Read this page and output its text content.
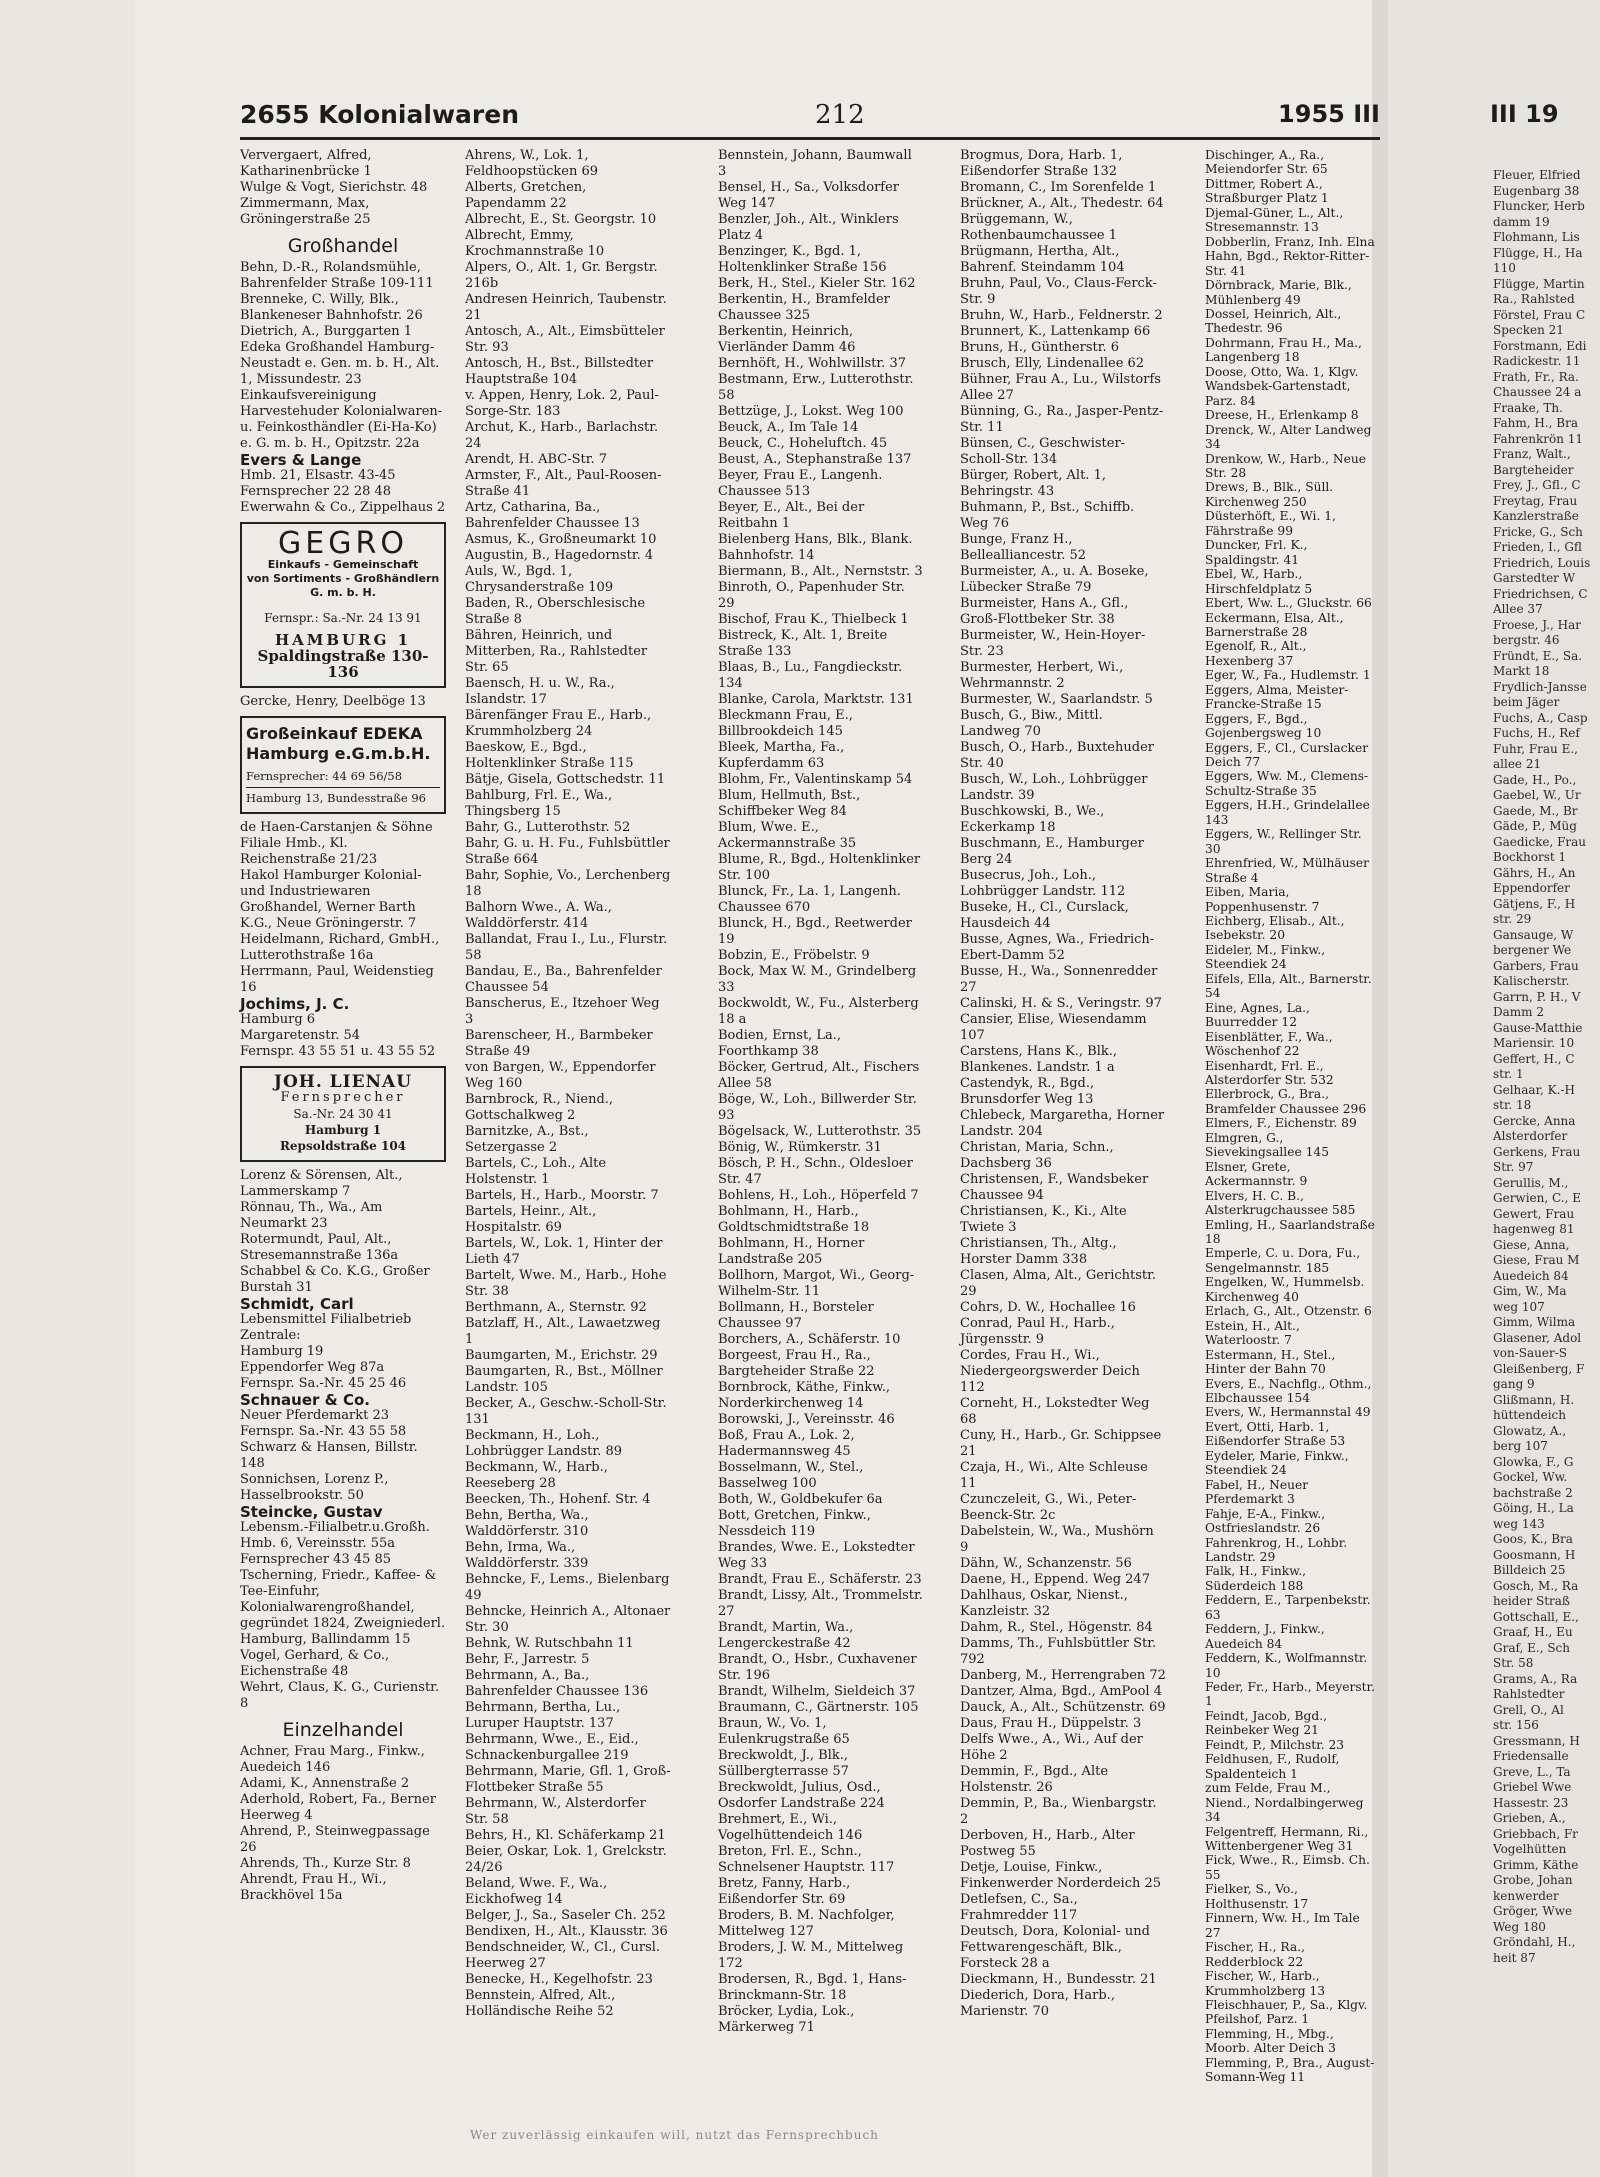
2655 Kolonialwaren	212	1955 III	III 19

Ververgaert, Alfred, Katharinenbrücke 1

Wulge & Vogt, Sierichstr. 48

Zimmermann, Max, Gröningerstraße 25

Großhandel

Behn, D.-R., Rolandsmühle, Bahrenfelder Straße 109-111

Brenneke, C. Willy, Blk., Blankeneser Bahnhofstr. 26

Dietrich, A., Burggarten 1

Edeka Großhandel Hamburg-Neustadt e. Gen. m. b. H., Alt. 1, Missundestr. 23

Einkaufsvereinigung Harvestehuder Kolonialwaren- u. Feinkosthändler (Ei-Ha-Ko) e. G. m. b. H., Opitzstr. 22a

Evers & Lange

Hmb. 21, Elsastr. 43-45

Fernsprecher 22 28 48

Ewerwahn & Co., Zippelhaus 2

GEGRO
Einkaufs - Gemeinschaft
von Sortiments - Großhändlern
G. m. b. H.
Fernspr.: Sa.-Nr. 24 13 91
HAMBURG 1
Spaldingstraße 130-136
Gercke, Henry, Deelböge 13
Großeinkauf EDEKA
Hamburg e.G.m.b.H.
Fernsprecher: 44 69 56/58
Hamburg 13, Bundesstraße 96

de Haen-Carstanjen & Söhne Filiale Hmb., Kl. Reichenstraße 21/23

Hakol Hamburger Kolonial- und Industriewaren Großhandel, Werner Barth K.G., Neue Gröningerstr. 7

Heidelmann, Richard, GmbH., Lutterothstraße 16a

Herrmann, Paul, Weidenstieg 16

Jochims, J. C.

Hamburg 6

Margaretenstr. 54

Fernspr. 43 55 51 u. 43 55 52

JOH. LIENAU
Fernsprecher
Sa.-Nr. 24 30 41
Hamburg 1
Repsoldstraße 104

Lorenz & Sörensen, Alt., Lammerskamp 7

Rönnau, Th., Wa., Am Neumarkt 23

Rotermundt, Paul, Alt., Stresemannstraße 136a

Schabbel & Co. K.G., Großer Burstah 31

Schmidt, Carl

Lebensmittel Filialbetrieb Zentrale:

Hamburg 19

Eppendorfer Weg 87a

Fernspr. Sa.-Nr. 45 25 46

Schnauer & Co.

Neuer Pferdemarkt 23

Fernspr. Sa.-Nr. 43 55 58

Schwarz & Hansen, Billstr. 148

Sonnichsen, Lorenz P., Hasselbrookstr. 50

Steincke, Gustav

Lebensm.-Filialbetr.u.Großh. Hmb. 6, Vereinsstr. 55a

Fernsprecher 43 45 85

Tscherning, Friedr., Kaffee- & Tee-Einfuhr, Kolonialwarengroßhandel, gegründet 1824, Zweigniederl. Hamburg, Ballindamm 15

Vogel, Gerhard, & Co., Eichenstraße 48

Wehrt, Claus, K. G., Curienstr. 8

Einzelhandel

Achner, Frau Marg., Finkw., Auedeich 146

Adami, K., Annenstraße 2

Aderhold, Robert, Fa., Berner Heerweg 4

Ahrend, P., Steinwegpassage 26

Ahrends, Th., Kurze Str. 8

Ahrendt, Frau H., Wi., Brackhövel 15a

Ahrens, W., Lok. 1, Feldhoopstücken 69

Alberts, Gretchen, Papendamm 22

Albrecht, E., St. Georgstr. 10

Albrecht, Emmy, Krochmannstraße 10

Alpers, O., Alt. 1, Gr. Bergstr. 216b

Andresen Heinrich, Taubenstr. 21

Antosch, A., Alt., Eimsbütteler Str. 93

Antosch, H., Bst., Billstedter Hauptstraße 104

v. Appen, Henry, Lok. 2, Paul-Sorge-Str. 183

Archut, K., Harb., Barlachstr. 24

Arendt, H. ABC-Str. 7

Armster, F., Alt., Paul-Roosen-Straße 41

Artz, Catharina, Ba., Bahrenfelder Chaussee 13

Asmus, K., Großneumarkt 10

Augustin, B., Hagedornstr. 4

Auls, W., Bgd. 1, Chrysanderstraße 109

Baden, R., Oberschlesische Straße 8

Bähren, Heinrich, und Mitterben, Ra., Rahlstedter Str. 65

Baensch, H. u. W., Ra., Islandstr. 17

Bärenfänger Frau E., Harb., Krummholzberg 24

Baeskow, E., Bgd., Holtenklinker Straße 115

Bätje, Gisela, Gottschedstr. 11

Bahlburg, Frl. E., Wa., Thingsberg 15

Bahr, G., Lutterothstr. 52

Bahr, G. u. H. Fu., Fuhlsbüttler Straße 664

Bahr, Sophie, Vo., Lerchenberg 18

Balhorn Wwe., A. Wa., Walddörferstr. 414

Ballandat, Frau I., Lu., Flurstr. 58

Bandau, E., Ba., Bahrenfelder Chaussee 54

Banscherus, E., Itzehoer Weg 3

Barenscheer, H., Barmbeker Straße 49

von Bargen, W., Eppendorfer Weg 160

Barnbrock, R., Niend., Gottschalkweg 2

Barnitzke, A., Bst., Setzergasse 2

Bartels, C., Loh., Alte Holstenstr. 1

Bartels, H., Harb., Moorstr. 7

Bartels, Heinr., Alt., Hospitalstr. 69

Bartels, W., Lok. 1, Hinter der Lieth 47

Bartelt, Wwe. M., Harb., Hohe Str. 38

Berthmann, A., Sternstr. 92

Batzlaff, H., Alt., Lawaetzweg 1

Baumgarten, M., Erichstr. 29

Baumgarten, R., Bst., Möllner Landstr. 105

Becker, A., Geschw.-Scholl-Str. 131

Beckmann, H., Loh., Lohbrügger Landstr. 89

Beckmann, W., Harb., Reeseberg 28

Beecken, Th., Hohenf. Str. 4

Behn, Bertha, Wa., Walddörferstr. 310

Behn, Irma, Wa., Walddörferstr. 339

Behncke, F., Lems., Bielenbarg 49

Behncke, Heinrich A., Altonaer Str. 30

Behnk, W. Rutschbahn 11

Behr, F., Jarrestr. 5

Behrmann, A., Ba., Bahrenfelder Chaussee 136

Behrmann, Bertha, Lu., Luruper Hauptstr. 137

Behrmann, Wwe., E., Eid., Schnackenburgallee 219

Behrmann, Marie, Gfl. 1, Groß-Flottbeker Straße 55

Behrmann, W., Alsterdorfer Str. 58

Behrs, H., Kl. Schäferkamp 21

Beier, Oskar, Lok. 1, Grelckstr. 24/26

Beland, Wwe. F., Wa., Eickhofweg 14

Belger, J., Sa., Saseler Ch. 252

Bendixen, H., Alt., Klausstr. 36

Bendschneider, W., Cl., Cursl. Heerweg 27

Benecke, H., Kegelhofstr. 23

Bennstein, Alfred, Alt., Holländische Reihe 52

Bennstein, Johann, Baumwall 3

Bensel, H., Sa., Volksdorfer Weg 147

Benzler, Joh., Alt., Winklers Platz 4

Benzinger, K., Bgd. 1, Holtenklinker Straße 156

Berk, H., Stel., Kieler Str. 162

Berkentin, H., Bramfelder Chaussee 325

Berkentin, Heinrich, Vierländer Damm 46

Bernhöft, H., Wohlwillstr. 37

Bestmann, Erw., Lutterothstr. 58

Bettzüge, J., Lokst. Weg 100

Beuck, A., Im Tale 14

Beuck, C., Hoheluftch. 45

Beust, A., Stephanstraße 137

Beyer, Frau E., Langenh. Chaussee 513

Beyer, E., Alt., Bei der Reitbahn 1

Bielenberg Hans, Blk., Blank. Bahnhofstr. 14

Biermann, B., Alt., Nernststr. 3

Binroth, O., Papenhuder Str. 29

Bischof, Frau K., Thielbeck 1

Bistreck, K., Alt. 1, Breite Straße 133

Blaas, B., Lu., Fangdieckstr. 134

Blanke, Carola, Marktstr. 131

Bleckmann Frau, E., Billbrookdeich 145

Bleek, Martha, Fa., Kupferdamm 63

Blohm, Fr., Valentinskamp 54

Blum, Hellmuth, Bst., Schiffbeker Weg 84

Blum, Wwe. E., Ackermannstraße 35

Blume, R., Bgd., Holtenklinker Str. 100

Blunck, Fr., La. 1, Langenh. Chaussee 670

Blunck, H., Bgd., Reetwerder 19

Bobzin, E., Fröbelstr. 9

Bock, Max W. M., Grindelberg 33

Bockwoldt, W., Fu., Alsterberg 18 a

Bodien, Ernst, La., Foorthkamp 38

Böcker, Gertrud, Alt., Fischers Allee 58

Böge, W., Loh., Billwerder Str. 93

Bögelsack, W., Lutterothstr. 35

Bönig, W., Rümkerstr. 31

Bösch, P. H., Schn., Oldesloer Str. 47

Bohlens, H., Loh., Höperfeld 7

Bohlmann, H., Harb., Goldtschmidtstraße 18

Bohlmann, H., Horner Landstraße 205

Bollhorn, Margot, Wi., Georg-Wilhelm-Str. 11

Bollmann, H., Borsteler Chaussee 97

Borchers, A., Schäferstr. 10

Borgeest, Frau H., Ra., Bargteheider Straße 22

Bornbrock, Käthe, Finkw., Norderkirchenweg 14

Borowski, J., Vereinsstr. 46

Boß, Frau A., Lok. 2, Hadermannsweg 45

Bosselmann, W., Stel., Basselweg 100

Both, W., Goldbekufer 6a

Bott, Gretchen, Finkw., Nessdeich 119

Brandes, Wwe. E., Lokstedter Weg 33

Brandt, Frau E., Schäferstr. 23

Brandt, Lissy, Alt., Trommelstr. 27

Brandt, Martin, Wa., Lengerckestraße 42

Brandt, O., Hsbr., Cuxhavener Str. 196

Brandt, Wilhelm, Sieldeich 37

Braumann, C., Gärtnerstr. 105

Braun, W., Vo. 1, Eulenkrugstraße 65

Breckwoldt, J., Blk., Süllbergterrasse 57

Breckwoldt, Julius, Osd., Osdorfer Landstraße 224

Brehmert, E., Wi., Vogelhüttendeich 146

Breton, Frl. E., Schn., Schnelsener Hauptstr. 117

Bretz, Fanny, Harb., Eißendorfer Str. 69

Broders, B. M. Nachfolger, Mittelweg 127

Broders, J. W. M., Mittelweg 172

Brodersen, R., Bgd. 1, Hans-Brinckmann-Str. 18

Bröcker, Lydia, Lok., Märkerweg 71

Brogmus, Dora, Harb. 1, Eißendorfer Straße 132

Bromann, C., Im Sorenfelde 1

Brückner, A., Alt., Thedestr. 64

Brüggemann, W., Rothenbaumchaussee 1

Brügmann, Hertha, Alt., Bahrenf. Steindamm 104

Bruhn, Paul, Vo., Claus-Ferck-Str. 9

Bruhn, W., Harb., Feldnerstr. 2

Brunnert, K., Lattenkamp 66

Bruns, H., Güntherstr. 6

Brusch, Elly, Lindenallee 62

Bühner, Frau A., Lu., Wilstorfs Allee 27

Bünning, G., Ra., Jasper-Pentz-Str. 11

Bünsen, C., Geschwister-Scholl-Str. 134

Bürger, Robert, Alt. 1, Behringstr. 43

Buhmann, P., Bst., Schiffb. Weg 76

Bunge, Franz H., Bellealliancestr. 52

Burmeister, A., u. A. Boseke, Lübecker Straße 79

Burmeister, Hans A., Gfl., Groß-Flottbeker Str. 38

Burmeister, W., Hein-Hoyer-Str. 23

Burmester, Herbert, Wi., Wehrmannstr. 2

Burmester, W., Saarlandstr. 5

Busch, G., Biw., Mittl. Landweg 70

Busch, O., Harb., Buxtehuder Str. 40

Busch, W., Loh., Lohbrügger Landstr. 39

Buschkowski, B., We., Eckerkamp 18

Buschmann, E., Hamburger Berg 24

Busecrus, Joh., Loh., Lohbrügger Landstr. 112

Buseke, H., Cl., Curslack, Hausdeich 44

Busse, Agnes, Wa., Friedrich-Ebert-Damm 52

Busse, H., Wa., Sonnenredder 27

Calinski, H. & S., Veringstr. 97

Cansier, Elise, Wiesendamm 107

Carstens, Hans K., Blk., Blankenes. Landstr. 1 a

Castendyk, R., Bgd., Brunsdorfer Weg 13

Chlebeck, Margaretha, Horner Landstr. 204

Christan, Maria, Schn., Dachsberg 36

Christensen, F., Wandsbeker Chaussee 94

Christiansen, K., Ki., Alte Twiete 3

Christiansen, Th., Altg., Horster Damm 338

Clasen, Alma, Alt., Gerichtstr. 29

Cohrs, D. W., Hochallee 16

Conrad, Paul H., Harb., Jürgensstr. 9

Cordes, Frau H., Wi., Niedergeorgswerder Deich 112

Corneht, H., Lokstedter Weg 68

Cuny, H., Harb., Gr. Schippsee 21

Czaja, H., Wi., Alte Schleuse 11

Czunczeleit, G., Wi., Peter-Beenck-Str. 2c

Dabelstein, W., Wa., Mushörn 9

Dähn, W., Schanzenstr. 56

Daene, H., Eppend. Weg 247

Dahlhaus, Oskar, Nienst., Kanzleistr. 32

Dahm, R., Stel., Högenstr. 84

Damms, Th., Fuhlsbüttler Str. 792

Danberg, M., Herrengraben 72

Dantzer, Alma, Bgd., AmPool 4

Dauck, A., Alt., Schützenstr. 69

Daus, Frau H., Düppelstr. 3

Delfs Wwe., A., Wi., Auf der Höhe 2

Demmin, F., Bgd., Alte Holstenstr. 26

Demmin, P., Ba., Wienbargstr. 2

Derboven, H., Harb., Alter Postweg 55

Detje, Louise, Finkw., Finkenwerder Norderdeich 25

Detlefsen, C., Sa., Frahmredder 117

Deutsch, Dora, Kolonial- und Fettwarengeschäft, Blk., Forsteck 28 a

Dieckmann, H., Bundesstr. 21

Diederich, Dora, Harb., Marienstr. 70

Dischinger, A., Ra., Meiendorfer Str. 65

Dittmer, Robert A., Straßburger Platz 1

Djemal-Güner, L., Alt., Stresemannstr. 13

Dobberlin, Franz, Inh. Elna Hahn, Bgd., Rektor-Ritter-Str. 41

Dörnbrack, Marie, Blk., Mühlenberg 49

Dossel, Heinrich, Alt., Thedestr. 96

Dohrmann, Frau H., Ma., Langenberg 18

Doose, Otto, Wa. 1, Klgv. Wandsbek-Gartenstadt, Parz. 84

Dreese, H., Erlenkamp 8

Drenck, W., Alter Landweg 34

Drenkow, W., Harb., Neue Str. 28

Drews, B., Blk., Süll. Kirchenweg 250

Düsterhöft, E., Wi. 1, Fährstraße 99

Duncker, Frl. K., Spaldingstr. 41

Ebel, W., Harb., Hirschfeldplatz 5

Ebert, Ww. L., Gluckstr. 66

Eckermann, Elsa, Alt., Barnerstraße 28

Egenolf, R., Alt., Hexenberg 37

Eger, W., Fa., Hudlemstr. 1

Eggers, Alma, Meister-Francke-Straße 15

Eggers, F., Bgd., Gojenbergsweg 10

Eggers, F., Cl., Curslacker Deich 77

Eggers, Ww. M., Clemens-Schultz-Straße 35

Eggers, H.H., Grindelallee 143

Eggers, W., Rellinger Str. 30

Ehrenfried, W., Mülhäuser Straße 4

Eiben, Maria, Poppenhusenstr. 7

Eichberg, Elisab., Alt., Isebekstr. 20

Eideler, M., Finkw., Steendiek 24

Eifels, Ella, Alt., Barnerstr. 54

Eine, Agnes, La., Buurredder 12

Eisenblätter, F., Wa., Wöschenhof 22

Eisenhardt, Frl. E., Alsterdorfer Str. 532

Ellerbrock, G., Bra., Bramfelder Chaussee 296

Elmers, F., Eichenstr. 89

Elmgren, G., Sievekingsallee 145

Elsner, Grete, Ackermannstr. 9

Elvers, H. C. B., Alsterkrugchaussee 585

Emling, H., Saarlandstraße 18

Emperle, C. u. Dora, Fu., Sengelmannstr. 185

Engelken, W., Hummelsb. Kirchenweg 40

Erlach, G., Alt., Otzenstr. 6

Estein, H., Alt., Waterloostr. 7

Estermann, H., Stel., Hinter der Bahn 70

Evers, E., Nachflg., Othm., Elbchaussee 154

Evers, W., Hermannstal 49

Evert, Otti, Harb. 1, Eißendorfer Straße 53

Eydeler, Marie, Finkw., Steendiek 24

Fabel, H., Neuer Pferdemarkt 3

Fahje, E-A., Finkw., Ostfrieslandstr. 26

Fahrenkrog, H., Lohbr. Landstr. 29

Falk, H., Finkw., Süderdeich 188

Feddern, E., Tarpenbekstr. 63

Feddern, J., Finkw., Auedeich 84

Feddern, K., Wolfmannstr. 10

Feder, Fr., Harb., Meyerstr. 1

Feindt, Jacob, Bgd., Reinbeker Weg 21

Feindt, P., Milchstr. 23

Feldhusen, F., Rudolf, Spaldenteich 1

zum Felde, Frau M., Niend., Nordalbingerweg 34

Felgentreff, Hermann, Ri., Wittenbergener Weg 31

Fick, Wwe., R., Eimsb. Ch. 55

Fielker, S., Vo., Holthusenstr. 17

Finnern, Ww. H., Im Tale 27

Fischer, H., Ra., Redderblock 22

Fischer, W., Harb., Krummholzberg 13

Fleischhauer, P., Sa., Klgv. Pfeilshof, Parz. 1

Flemming, H., Mbg., Moorb. Alter Deich 3

Flemming, P., Bra., August-Somann-Weg 11

Fleuer, Elfried

Eugenbarg 38

Fluncker, Herb

damm 19

Flohmann, Lis

Flügge, H., Ha

110

Flügge, Martin

Ra., Rahlsted

Förstel, Frau C

Specken 21

Forstmann, Edi

Radickestr. 11

Frath, Fr., Ra.

Chaussee 24 a

Fraake, Th.

Fahm, H., Bra

Fahrenkrön 11

Franz, Walt.,

Bargteheider

Frey, J., Gfl., C

Freytag, Frau

Kanzlerstraße

Fricke, G., Sch

Frieden, I., Gfl

Friedrich, Louis

Garstedter W

Friedrichsen, C

Allee 37

Froese, J., Har

bergstr. 46

Fründt, E., Sa.

Markt 18

Frydlich-Jansse

beim Jäger

Fuchs, A., Casp

Fuchs, H., Ref

Fuhr, Frau E.,

allee 21

Gade, H., Po.,

Gaebel, W., Ur

Gaede, M., Br

Gäde, P., Müg

Gaedicke, Frau

Bockhorst 1

Gährs, H., An

Eppendorfer

Gätjens, F., H

str. 29

Gansauge, W

bergener We

Garbers, Frau

Kalischerstr.

Garrn, P. H., V

Damm 2

Gause-Matthie

Mariensir. 10

Geffert, H., C

str. 1

Gelhaar, K.-H

str. 18

Gercke, Anna

Alsterdorfer

Gerkens, Frau

Str. 97

Gerullis, M.,

Gerwien, C., E

Gewert, Frau

hagenweg 81

Giese, Anna,

Giese, Frau M

Auedeich 84

Gim, W., Ma

weg 107

Gimm, Wilma

Glasener, Adol

von-Sauer-S

Gleißenberg, F

gang 9

Glißmann, H.

hüttendeich

Glowatz, A.,

berg 107

Glowka, F., G

Gockel, Ww.

bachstraße 2

Göing, H., La

weg 143

Goos, K., Bra

Goosmann, H

Billdeich 25

Gosch, M., Ra

heider Straß

Gottschall, E.,

Graaf, H., Eu

Graf, E., Sch

Str. 58

Grams, A., Ra

Rahlstedter

Grell, O., Al

str. 156

Gressmann, H

Friedensalle

Greve, L., Ta

Griebel Wwe

Hassestr. 23

Grieben, A.,

Griebbach, Fr

Vogelhütten

Grimm, Käthe

Grobe, Johan

kenwerder

Gröger, Wwe

Weg 180

Gröndahl, H.,

heit 87

Wer zuverlässig einkaufen will, nutzt das Fernsprechbuch
